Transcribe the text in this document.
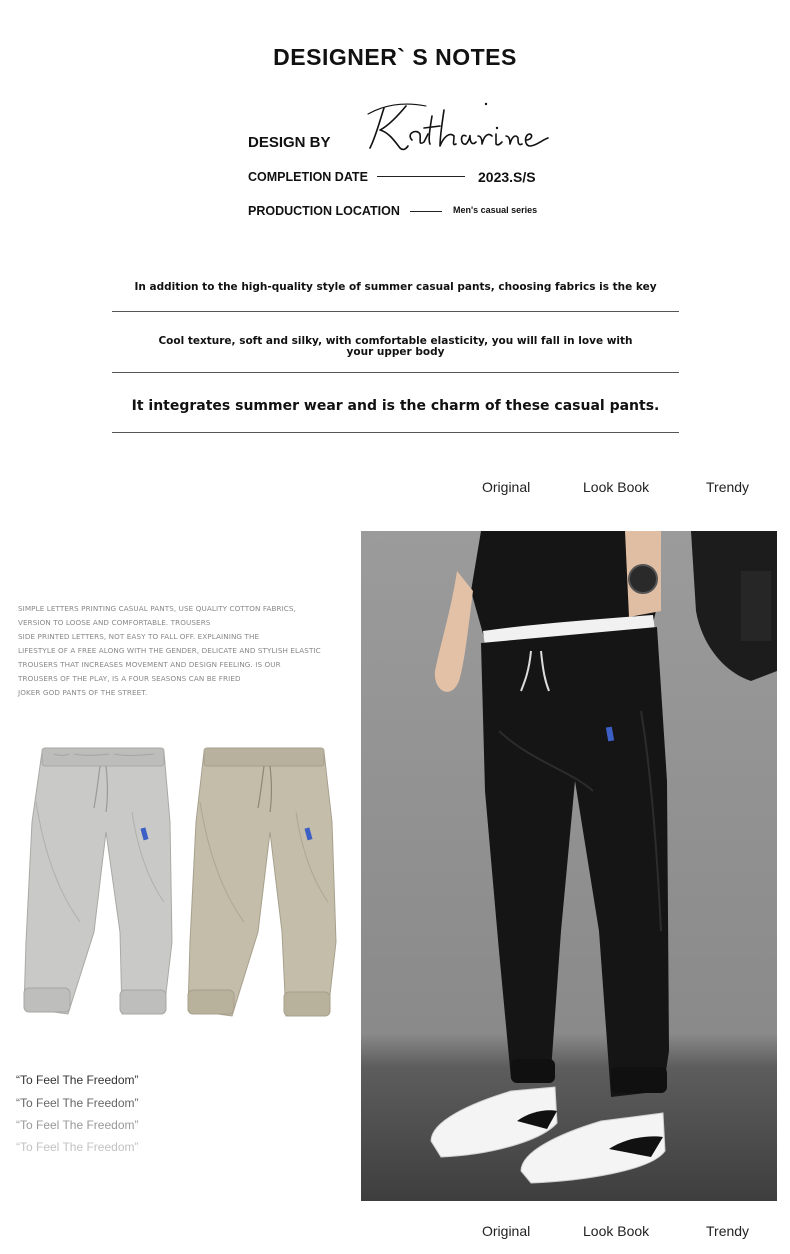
DESIGNER` S NOTES
DESIGN BY
COMPLETION DATE	2023.S/S
PRODUCTION LOCATION	Men's casual series
In addition to the high-quality style of summer casual pants, choosing fabrics is the key
Cool texture, soft and silky, with comfortable elasticity, you will fall in love with
your upper body
It integrates summer wear and is the charm of these casual pants.
Original	Look Book	Trendy
SIMPLE LETTERS PRINTING CASUAL PANTS, USE QUALITY COTTON FABRICS,
VERSION TO LOOSE AND COMFORTABLE. TROUSERS
SIDE PRINTED LETTERS, NOT EASY TO FALL OFF. EXPLAINING THE
LIFESTYLE OF A FREE ALONG WITH THE GENDER, DELICATE AND STYLISH ELASTIC
TROUSERS THAT INCREASES MOVEMENT AND DESIGN FEELING. IS OUR
TROUSERS OF THE PLAY, IS A FOUR SEASONS CAN BE FRIED
JOKER GOD PANTS OF THE STREET.
“To Feel The Freedom”
“To Feel The Freedom”
“To Feel The Freedom”
“To Feel The Freedom”
Original	Look Book	Trendy
